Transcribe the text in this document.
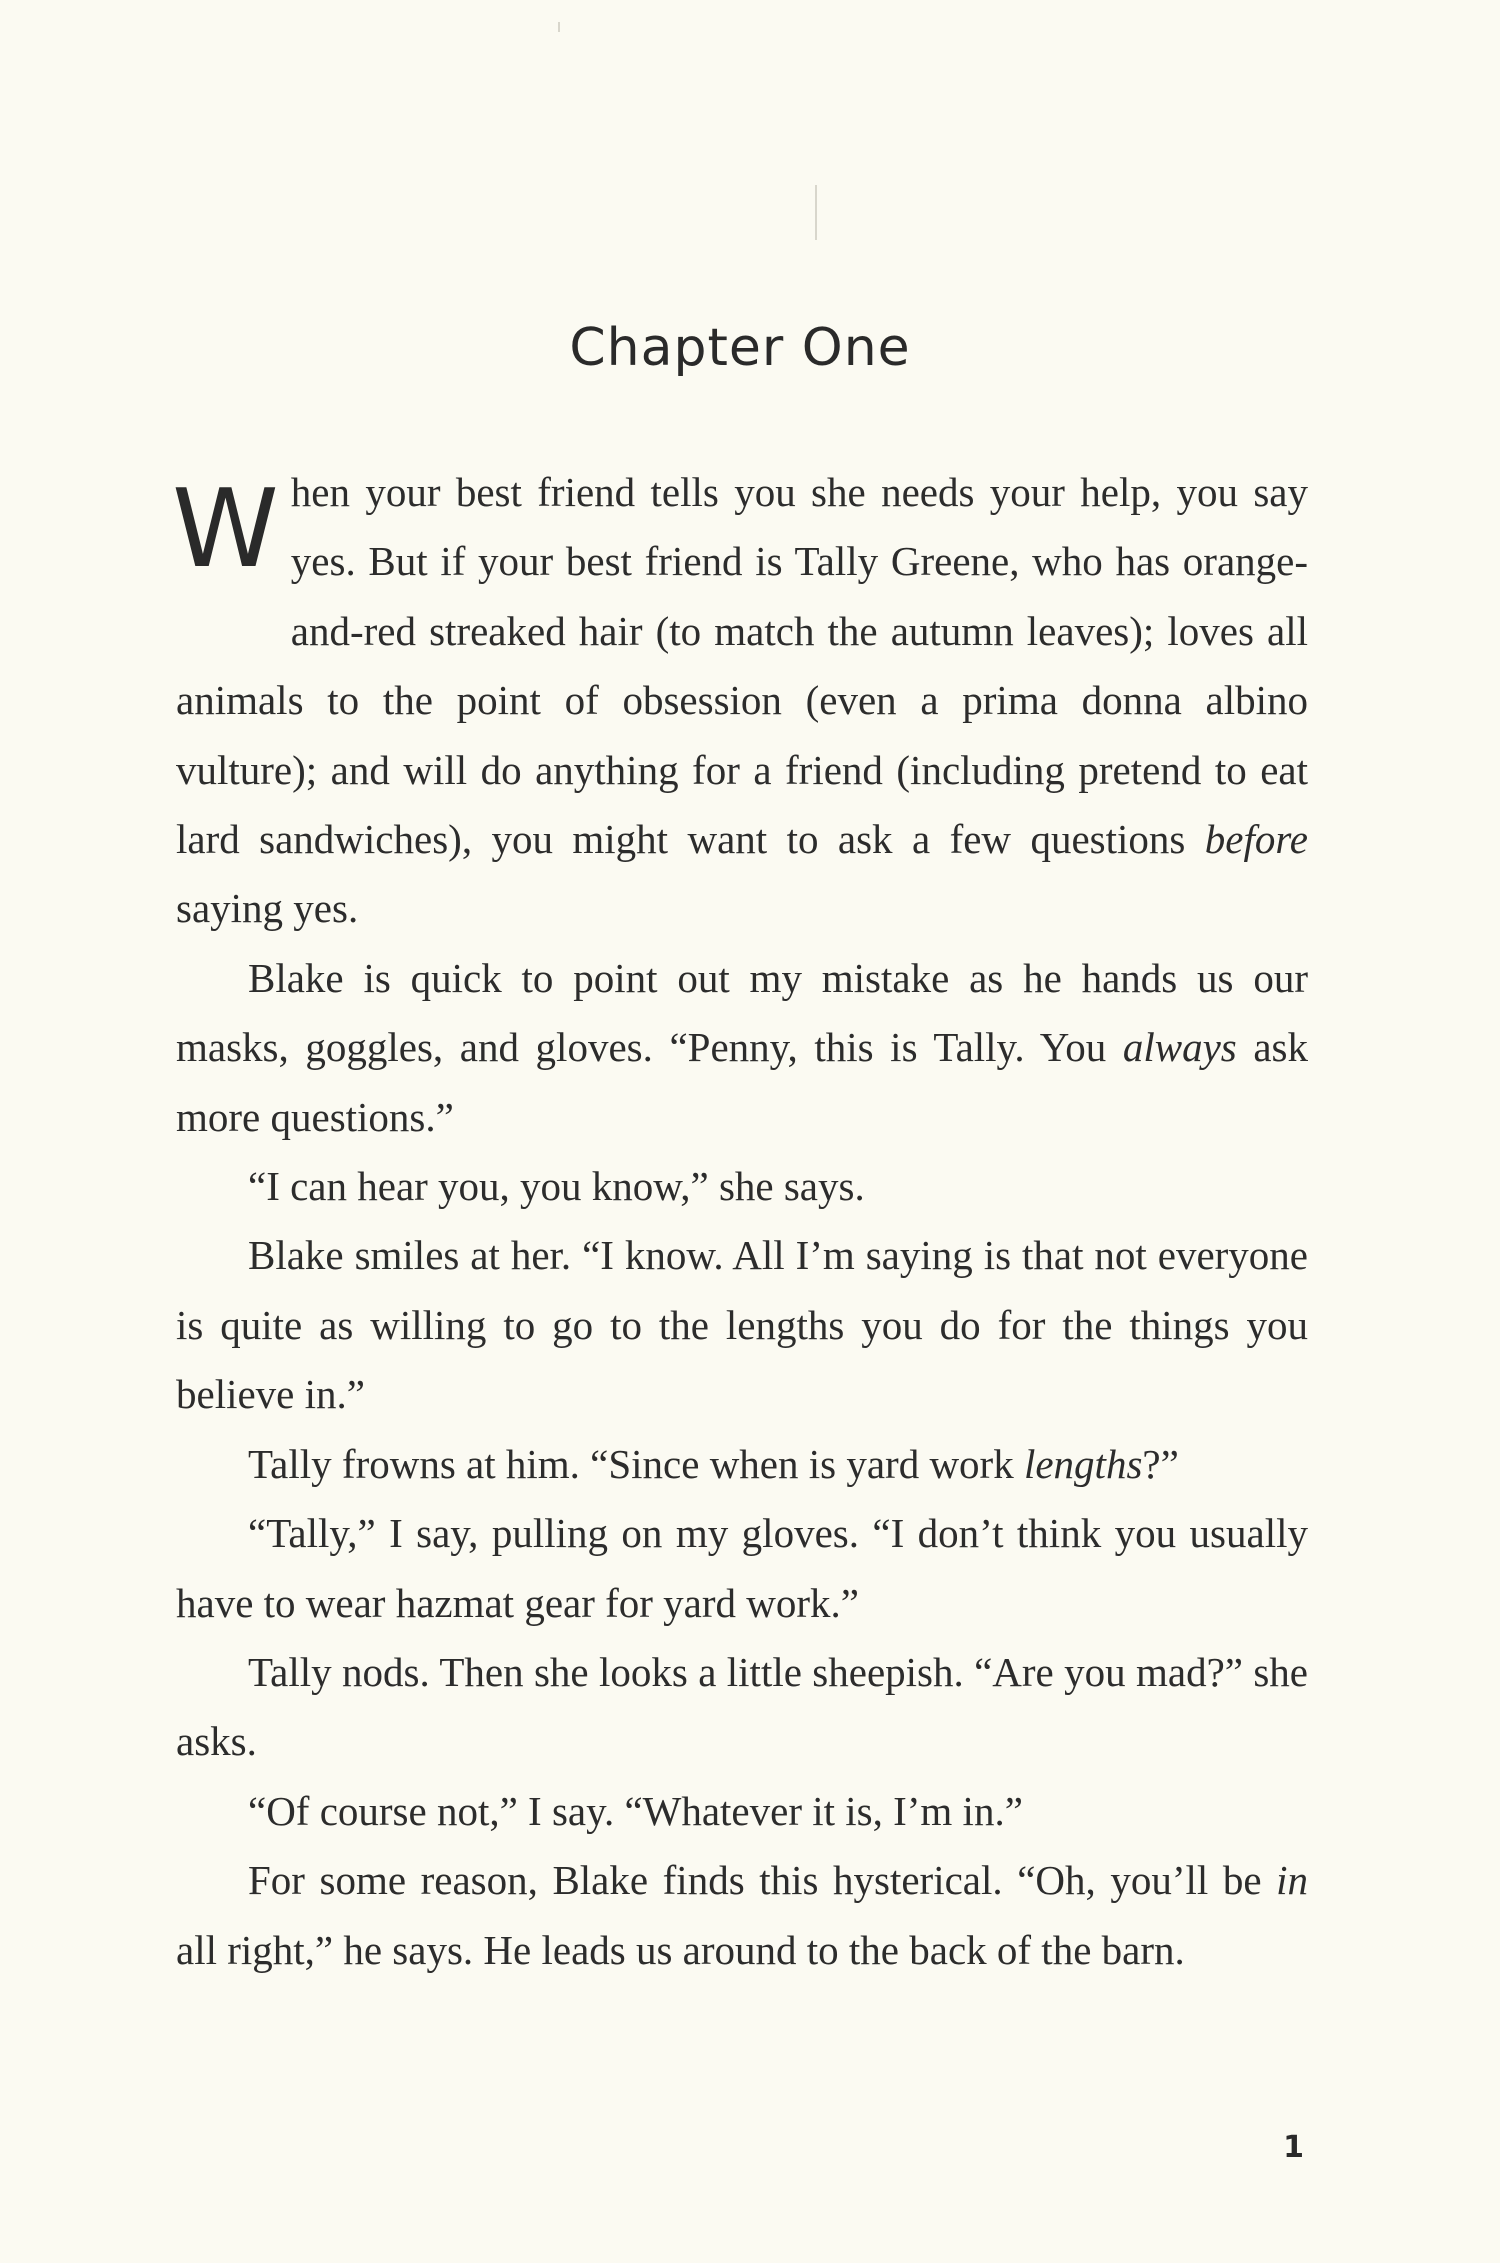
Chapter One

When your best friend tells you she needs your help, you say yes. But if your best friend is Tally Greene, who has orange-and-red streaked hair (to match the autumn leaves); loves all animals to the point of obsession (even a prima donna albino vulture); and will do anything for a friend (including pretend to eat lard sandwiches), you might want to ask a few questions before saying yes.

Blake is quick to point out my mistake as he hands us our masks, goggles, and gloves. “Penny, this is Tally. You always ask more questions.”

“I can hear you, you know,” she says.

Blake smiles at her. “I know. All I’m saying is that not everyone is quite as willing to go to the lengths you do for the things you believe in.”

Tally frowns at him. “Since when is yard work lengths?”

“Tally,” I say, pulling on my gloves. “I don’t think you usually have to wear hazmat gear for yard work.”

Tally nods. Then she looks a little sheepish. “Are you mad?” she asks.

“Of course not,” I say. “Whatever it is, I’m in.”

For some reason, Blake finds this hysterical. “Oh, you’ll be in all right,” he says. He leads us around to the back of the barn.

1
